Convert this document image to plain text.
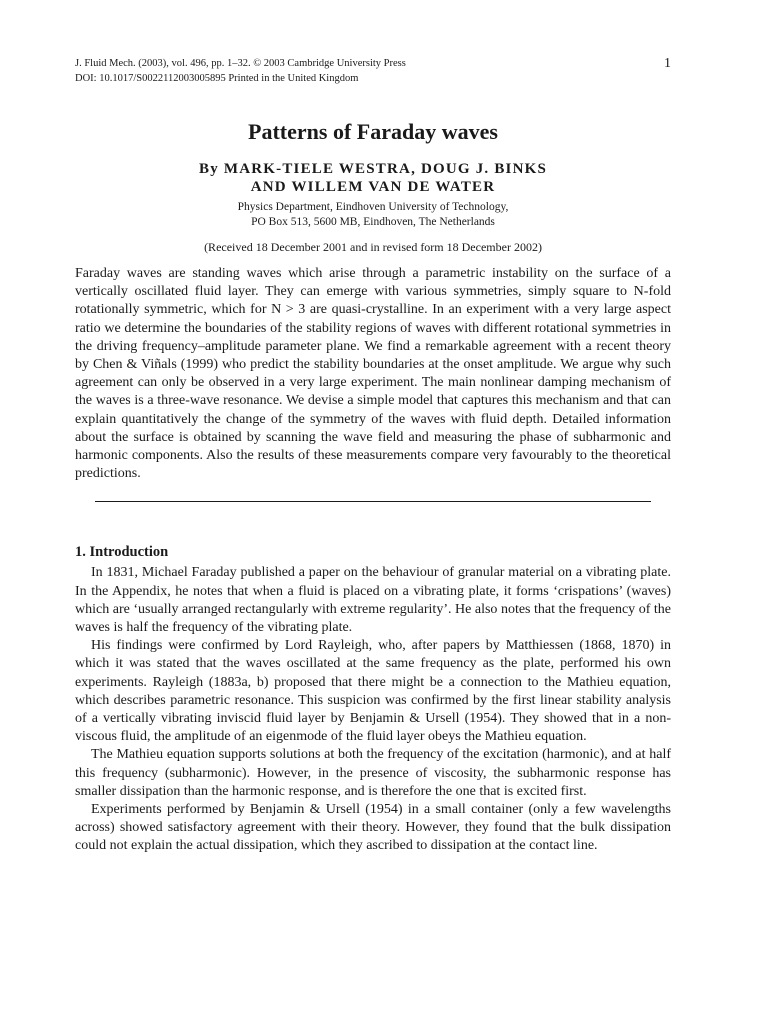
J. Fluid Mech. (2003), vol. 496, pp. 1–32. © 2003 Cambridge University Press
DOI: 10.1017/S0022112003005895 Printed in the United Kingdom
1
Patterns of Faraday waves
By MARK-TIELE WESTRA, DOUG J. BINKS
AND WILLEM VAN DE WATER
Physics Department, Eindhoven University of Technology,
PO Box 513, 5600 MB, Eindhoven, The Netherlands
(Received 18 December 2001 and in revised form 18 December 2002)
Faraday waves are standing waves which arise through a parametric instability on the surface of a vertically oscillated fluid layer. They can emerge with various symmetries, simply square to N-fold rotationally symmetric, which for N > 3 are quasi-crystalline. In an experiment with a very large aspect ratio we determine the boundaries of the stability regions of waves with different rotational symmetries in the driving frequency–amplitude parameter plane. We find a remarkable agreement with a recent theory by Chen & Viñals (1999) who predict the stability boundaries at the onset amplitude. We argue why such agreement can only be observed in a very large experiment. The main nonlinear damping mechanism of the waves is a three-wave resonance. We devise a simple model that captures this mechanism and that can explain quantitatively the change of the symmetry of the waves with fluid depth. Detailed information about the surface is obtained by scanning the wave field and measuring the phase of subharmonic and harmonic components. Also the results of these measurements compare very favourably to the theoretical predictions.
1. Introduction

In 1831, Michael Faraday published a paper on the behaviour of granular material on a vibrating plate. In the Appendix, he notes that when a fluid is placed on a vibrating plate, it forms ‘crispations’ (waves) which are ‘usually arranged rectangularly with extreme regularity’. He also notes that the frequency of the waves is half the frequency of the vibrating plate.

His findings were confirmed by Lord Rayleigh, who, after papers by Matthiessen (1868, 1870) in which it was stated that the waves oscillated at the same frequency as the plate, performed his own experiments. Rayleigh (1883a, b) proposed that there might be a connection to the Mathieu equation, which describes parametric resonance. This suspicion was confirmed by the first linear stability analysis of a vertically vibrating inviscid fluid layer by Benjamin & Ursell (1954). They showed that in a non-viscous fluid, the amplitude of an eigenmode of the fluid layer obeys the Mathieu equation.

The Mathieu equation supports solutions at both the frequency of the excitation (harmonic), and at half this frequency (subharmonic). However, in the presence of viscosity, the subharmonic response has smaller dissipation than the harmonic response, and is therefore the one that is excited first.

Experiments performed by Benjamin & Ursell (1954) in a small container (only a few wavelengths across) showed satisfactory agreement with their theory. However, they found that the bulk dissipation could not explain the actual dissipation, which they ascribed to dissipation at the contact line.
